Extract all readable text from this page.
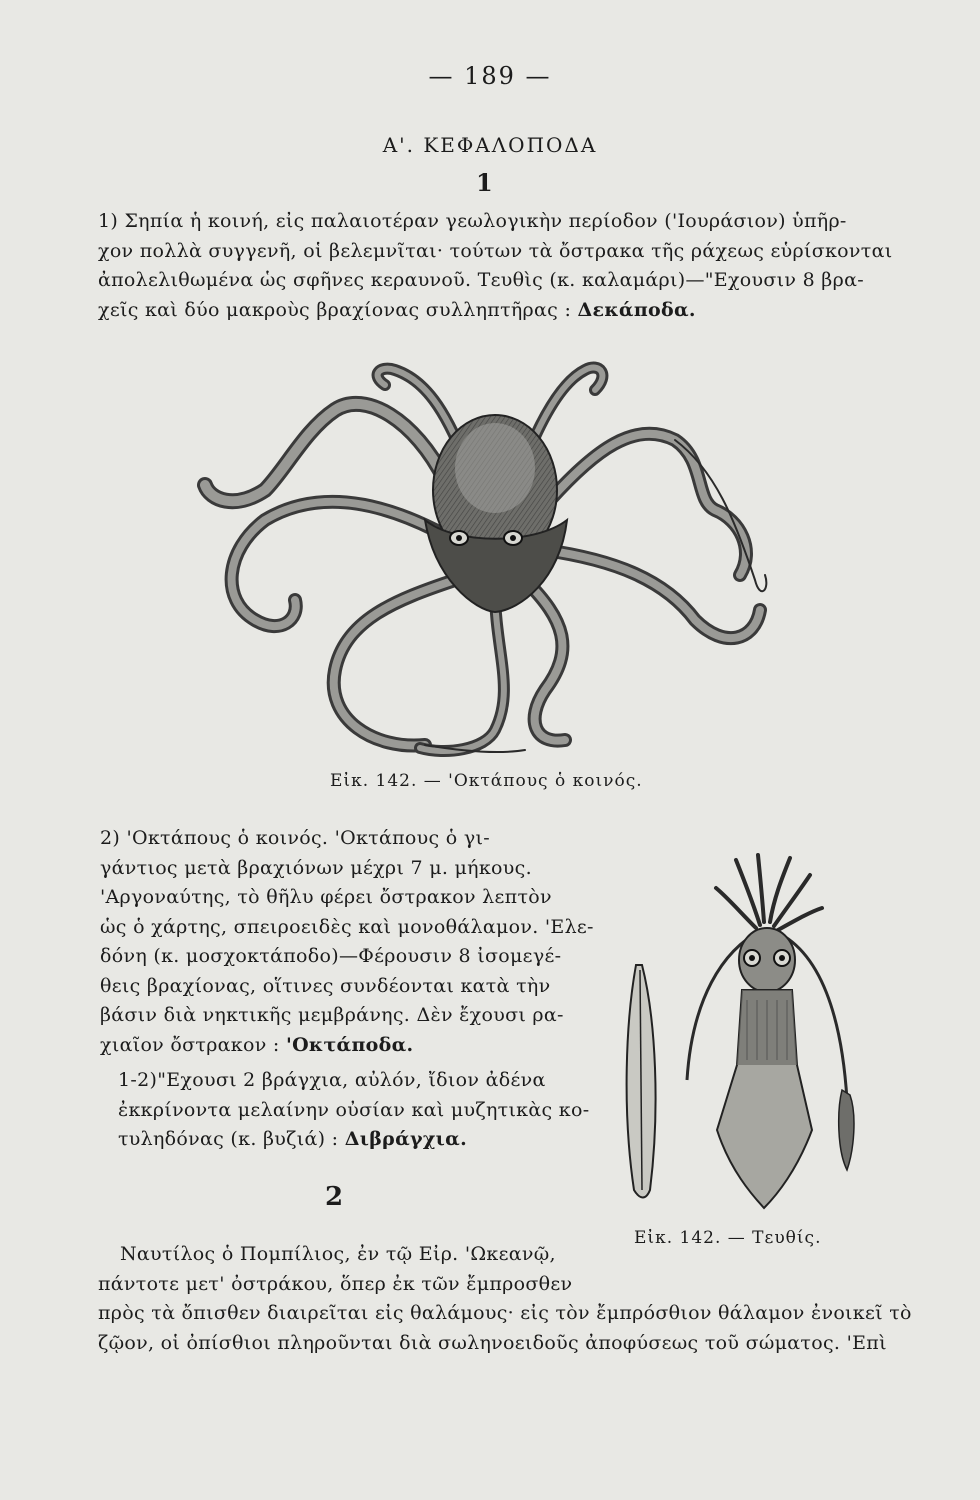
— 189 —
Α'. ΚΕΦΑΛΟΠΟΔΑ
1
1) Σηπία ἡ κοινή, εἰς παλαιοτέραν γεωλογικὴν περίοδον ('Ιουράσιον) ὑπῆρ-
χον πολλὰ συγγενῆ, οἱ βελεμνῖται· τούτων τὰ ὄστρακα τῆς ράχεως εὑρίσκονται
ἀπολελιθωμένα ὡς σφῆνες κεραυνοῦ. Τευθὶς (κ. καλαμάρι)—"Εχουσιν 8 βρα-
χεῖς καὶ δύο μακροὺς βραχίονας συλληπτῆρας : Δεκάποδα.
Εἰκ. 142. — 'Οκτάπους ὁ κοινός.
2) 'Οκτάπους ὁ κοινός. 'Οκτάπους ὁ γι-
γάντιος μετὰ βραχιόνων μέχρι 7 μ. μήκους.
'Αργοναύτης, τὸ θῆλυ φέρει ὄστρακον λεπτὸν
ὡς ὁ χάρτης, σπειροειδὲς καὶ μονοθάλαμον. 'Ελε-
δόνη (κ. μοσχοκτάποδο)—Φέρουσιν 8 ἰσομεγέ-
θεις βραχίονας, οἵτινες συνδέονται κατὰ τὴν
βάσιν διὰ νηκτικῆς μεμβράνης. Δὲν ἔχουσι ρα-
χιαῖον ὄστρακον : 'Οκτάποδα.
1-2)"Εχουσι 2 βράγχια, αὐλόν, ἴδιον ἀδένα
ἐκκρίνοντα μελαίνην οὐσίαν καὶ μυζητικὰς κο-
τυληδόνας (κ. βυζιά) : Διβράγχια.
Εἰκ. 142. — Τευθίς.
2
Ναυτίλος ὁ Πομπίλιος, ἐν τῷ Εἰρ. 'Ωκεανῷ,
πάντοτε μετ' ὀστράκου, ὅπερ ἐκ τῶν ἔμπροσθεν
πρὸς τὰ ὄπισθεν διαιρεῖται εἰς θαλάμους· εἰς τὸν ἔμπρόσθιον θάλαμον ἐνοικεῖ τὸ
ζῷον, οἱ ὀπίσθιοι πληροῦνται διὰ σωληνοειδοῦς ἀποφύσεως τοῦ σώματος. 'Επὶ
